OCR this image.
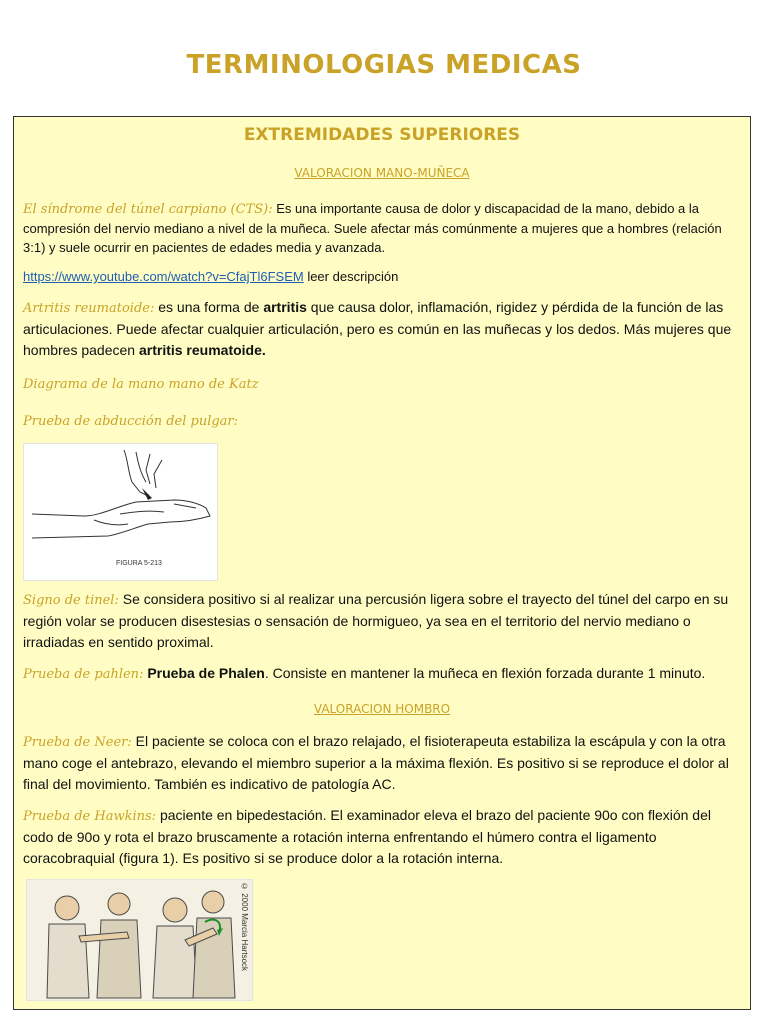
TERMINOLOGIAS MEDICAS
EXTREMIDADES SUPERIORES

VALORACION MANO-MUÑECA

El síndrome del túnel carpiano (CTS): Es una importante causa de dolor y discapacidad de la mano, debido a la compresión del nervio mediano a nivel de la muñeca. Suele afectar más comúnmente a mujeres que a hombres (relación 3:1) y suele ocurrir en pacientes de edades media y avanzada.

https://www.youtube.com/watch?v=CfajTl6FSEM leer descripción

Artritis reumatoide: es una forma de artritis que causa dolor, inflamación, rigidez y pérdida de la función de las articulaciones. Puede afectar cualquier articulación, pero es común en las muñecas y los dedos. Más mujeres que hombres padecen artritis reumatoide.

Diagrama de la mano mano de Katz

Prueba de abducción del pulgar:

FIGURA 5-213

Signo de tinel: Se considera positivo si al realizar una percusión ligera sobre el trayecto del túnel del carpo en su región volar se producen disestesias o sensación de hormigueo, ya sea en el territorio del nervio mediano o irradiadas en sentido proximal.

Prueba de pahlen: Prueba de Phalen. Consiste en mantener la muñeca en flexión forzada durante 1 minuto.

VALORACION HOMBRO

Prueba de Neer: El paciente se coloca con el brazo relajado, el fisioterapeuta estabiliza la escápula y con la otra mano coge el antebrazo, elevando el miembro superior a la máxima flexión. Es positivo si se reproduce el dolor al final del movimiento. También es indicativo de patología AC.

Prueba de Hawkins: paciente en bipedestación. El examinador eleva el brazo del paciente 90o con flexión del codo de 90o y rota el brazo bruscamente a rotación interna enfrentando el húmero contra el ligamento coracobraquial (figura 1). Es positivo si se produce dolor a la rotación interna.

© 2000 Marcia Hartsock
